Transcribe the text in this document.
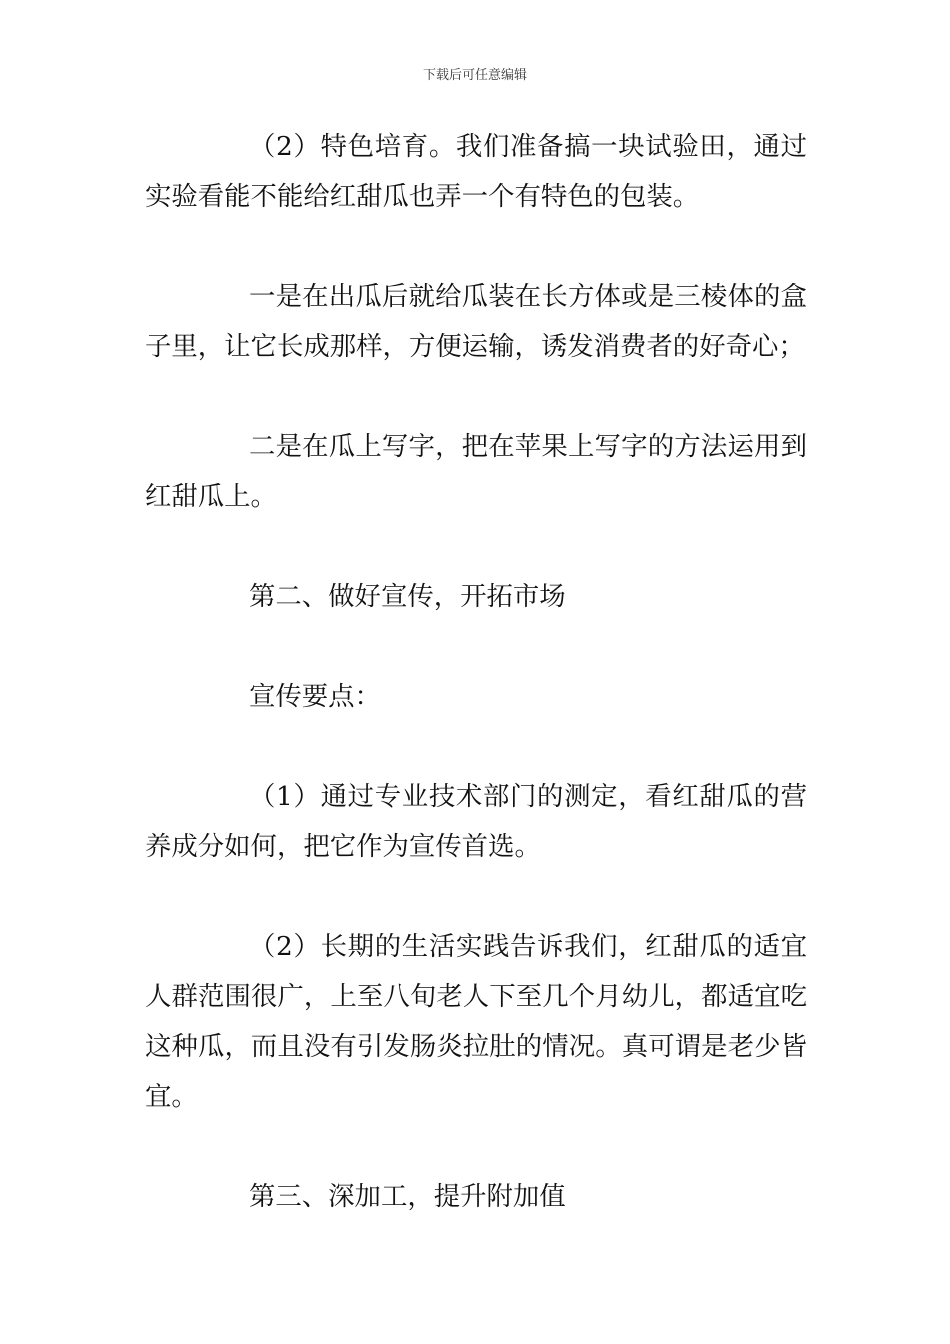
下载后可任意编辑

（2）特色培育。我们准备搞一块试验田，通过实验看能不能给红甜瓜也弄一个有特色的包装。

一是在出瓜后就给瓜装在长方体或是三棱体的盒子里，让它长成那样，方便运输，诱发消费者的好奇心；

二是在瓜上写字，把在苹果上写字的方法运用到红甜瓜上。

第二、做好宣传，开拓市场

宣传要点：

（1）通过专业技术部门的测定，看红甜瓜的营养成分如何，把它作为宣传首选。

（2）长期的生活实践告诉我们，红甜瓜的适宜人群范围很广，上至八旬老人下至几个月幼儿，都适宜吃这种瓜，而且没有引发肠炎拉肚的情况。真可谓是老少皆宜。

第三、深加工，提升附加值
